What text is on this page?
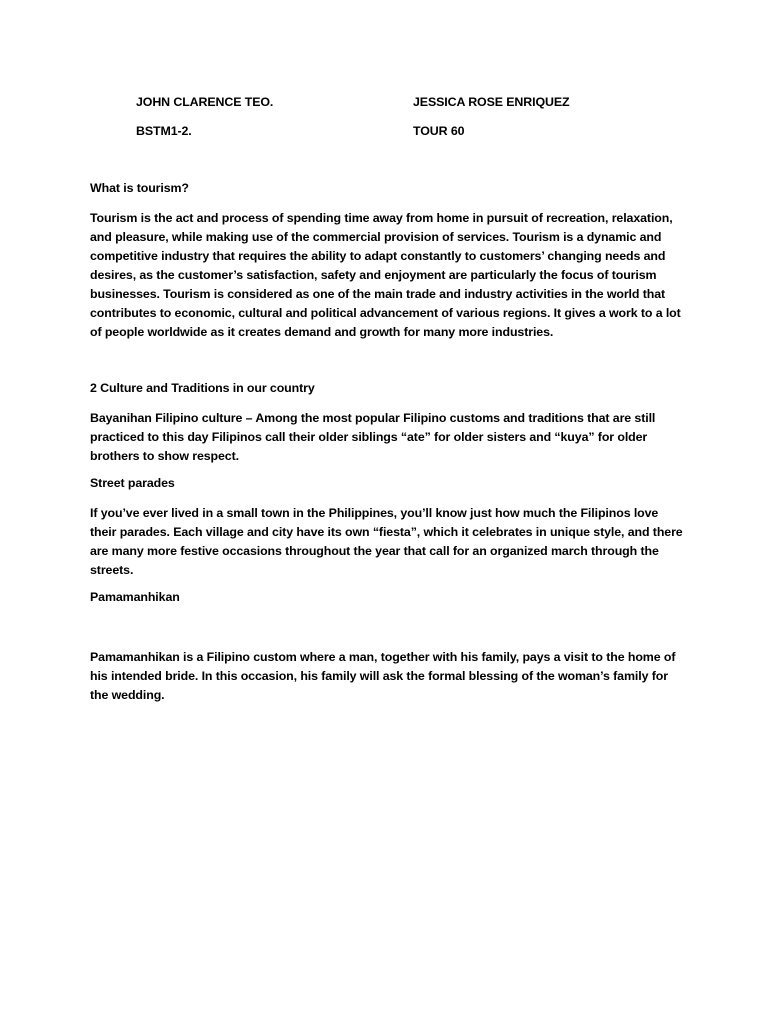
JOHN CLARENCE TEO.	JESSICA ROSE ENRIQUEZ
BSTM1-2.	TOUR 60
What is tourism?
Tourism is the act and process of spending time away from home in pursuit of recreation, relaxation,
and pleasure, while making use of the commercial provision of services. Tourism is a dynamic and
competitive industry that requires the ability to adapt constantly to customers’ changing needs and
desires, as the customer’s satisfaction, safety and enjoyment are particularly the focus of tourism
businesses. Tourism is considered as one of the main trade and industry activities in the world that
contributes to economic, cultural and political advancement of various regions. It gives a work to a lot
of people worldwide as it creates demand and growth for many more industries.
2 Culture and Traditions in our country
Bayanihan Filipino culture – Among the most popular Filipino customs and traditions that are still
practiced to this day Filipinos call their older siblings “ate” for older sisters and “kuya” for older
brothers to show respect.
Street parades
If you’ve ever lived in a small town in the Philippines, you’ll know just how much the Filipinos love
their parades. Each village and city have its own “fiesta”, which it celebrates in unique style, and there
are many more festive occasions throughout the year that call for an organized march through the
streets.
Pamamanhikan
Pamamanhikan is a Filipino custom where a man, together with his family, pays a visit to the home of
his intended bride. In this occasion, his family will ask the formal blessing of the woman’s family for
the wedding.
